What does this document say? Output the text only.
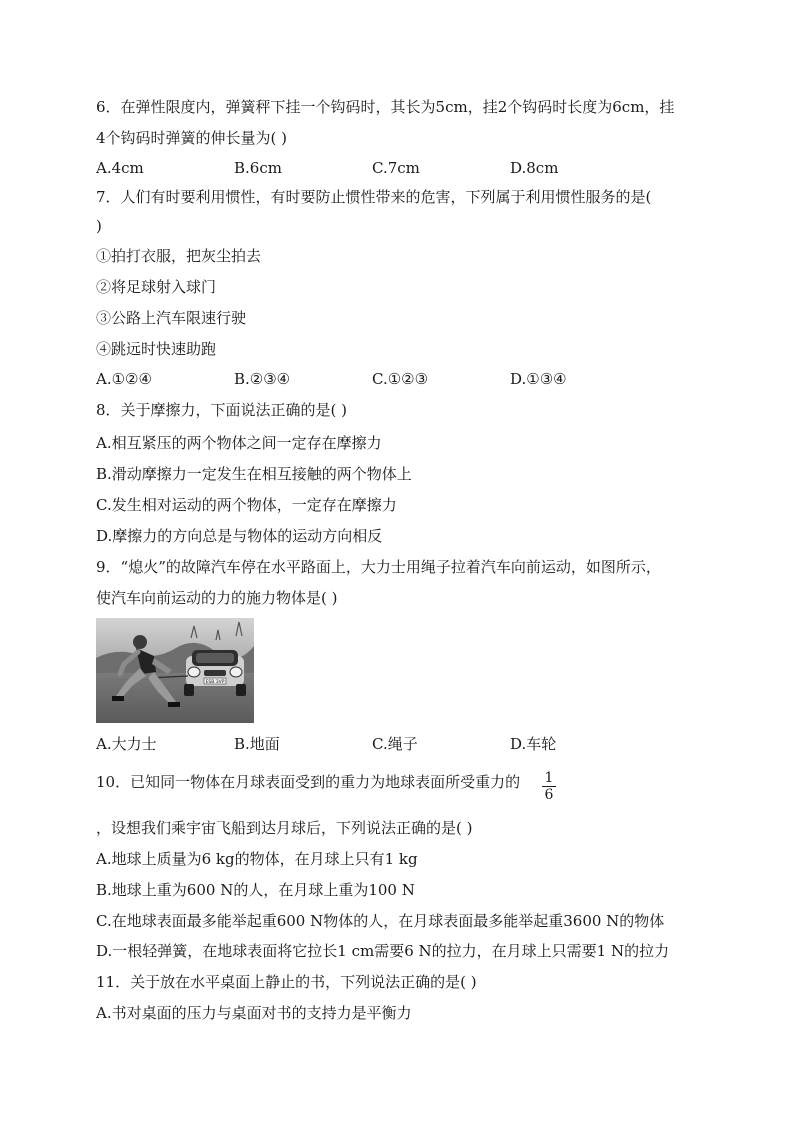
6．在弹性限度内，弹簧秤下挂一个钩码时，其长为5cm，挂2个钩码时长度为6cm，挂
4个钩码时弹簧的伸长量为( )
A.4cm	B.6cm	C.7cm	D.8cm
7．人们有时要利用惯性，有时要防止惯性带来的危害，下列属于利用惯性服务的是(
)
①拍打衣服，把灰尘拍去
②将足球射入球门
③公路上汽车限速行驶
④跳远时快速助跑
A.①②④	B.②③④	C.①②③	D.①③④
8．关于摩擦力，下面说法正确的是( )
A.相互紧压的两个物体之间一定存在摩擦力
B.滑动摩擦力一定发生在相互接触的两个物体上
C.发生相对运动的两个物体，一定存在摩擦力
D.摩擦力的方向总是与物体的运动方向相反
9．“熄火”的故障汽车停在水平路面上，大力士用绳子拉着汽车向前运动，如图所示，
使汽车向前运动的力的施力物体是( )
ESB 3VP
A.大力士	B.地面	C.绳子	D.车轮
10．已知同一物体在月球表面受到的重力为地球表面所受重力的 $\frac{1}{6}$
，设想我们乘宇宙飞船到达月球后，下列说法正确的是( )
A.地球上质量为6 kg的物体，在月球上只有1 kg
B.地球上重为600 N的人，在月球上重为100 N
C.在地球表面最多能举起重600 N物体的人，在月球表面最多能举起重3600 N的物体
D.一根轻弹簧，在地球表面将它拉长1 cm需要6 N的拉力，在月球上只需要1 N的拉力
11．关于放在水平桌面上静止的书，下列说法正确的是( )
A.书对桌面的压力与桌面对书的支持力是平衡力
